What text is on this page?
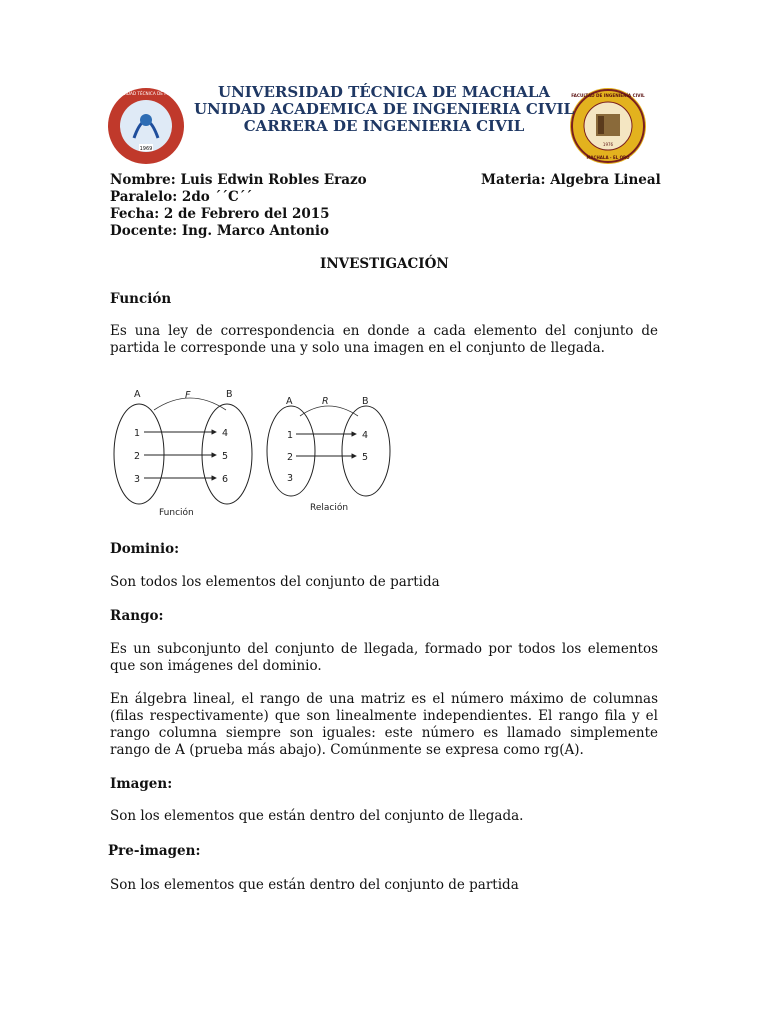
1969
UNIVERSIDAD TÉCNICA DE MACHALA	FACULTAD DE INGENIERÍA CIVIL
1976
MACHALA - EL ORO
UNIVERSIDAD TÉCNICA DE MACHALA
UNIDAD ACADEMICA DE INGENIERIA CIVIL
CARRERA DE INGENIERIA CIVIL
Nombre: Luis Edwin Robles Erazo
Paralelo: 2do ´´C´´
Fecha: 2 de Febrero del 2015
Docente: Ing. Marco Antonio
Materia: Algebra Lineal
INVESTIGACIÓN
Función
Es una ley de correspondencia en donde a cada elemento del conjunto de partida le corresponde una y solo una imagen en el conjunto de llegada.
A	B
F
1
2
3
4
5
6
Función
A	B
R
1
2
3
4
5
Relación
Dominio:
Son todos los elementos del conjunto de partida
Rango:
Es un subconjunto del conjunto de llegada, formado por todos los elementos que son imágenes del dominio.
En álgebra lineal, el rango de una matriz es el número máximo de columnas (filas respectivamente) que son linealmente independientes. El rango fila y el rango columna siempre son iguales: este número es llamado simplemente rango de A (prueba más abajo). Comúnmente se expresa como rg(A).
Imagen:
Son los elementos que están dentro del conjunto de llegada.
Pre-imagen:
Son los elementos que están dentro del conjunto de partida
